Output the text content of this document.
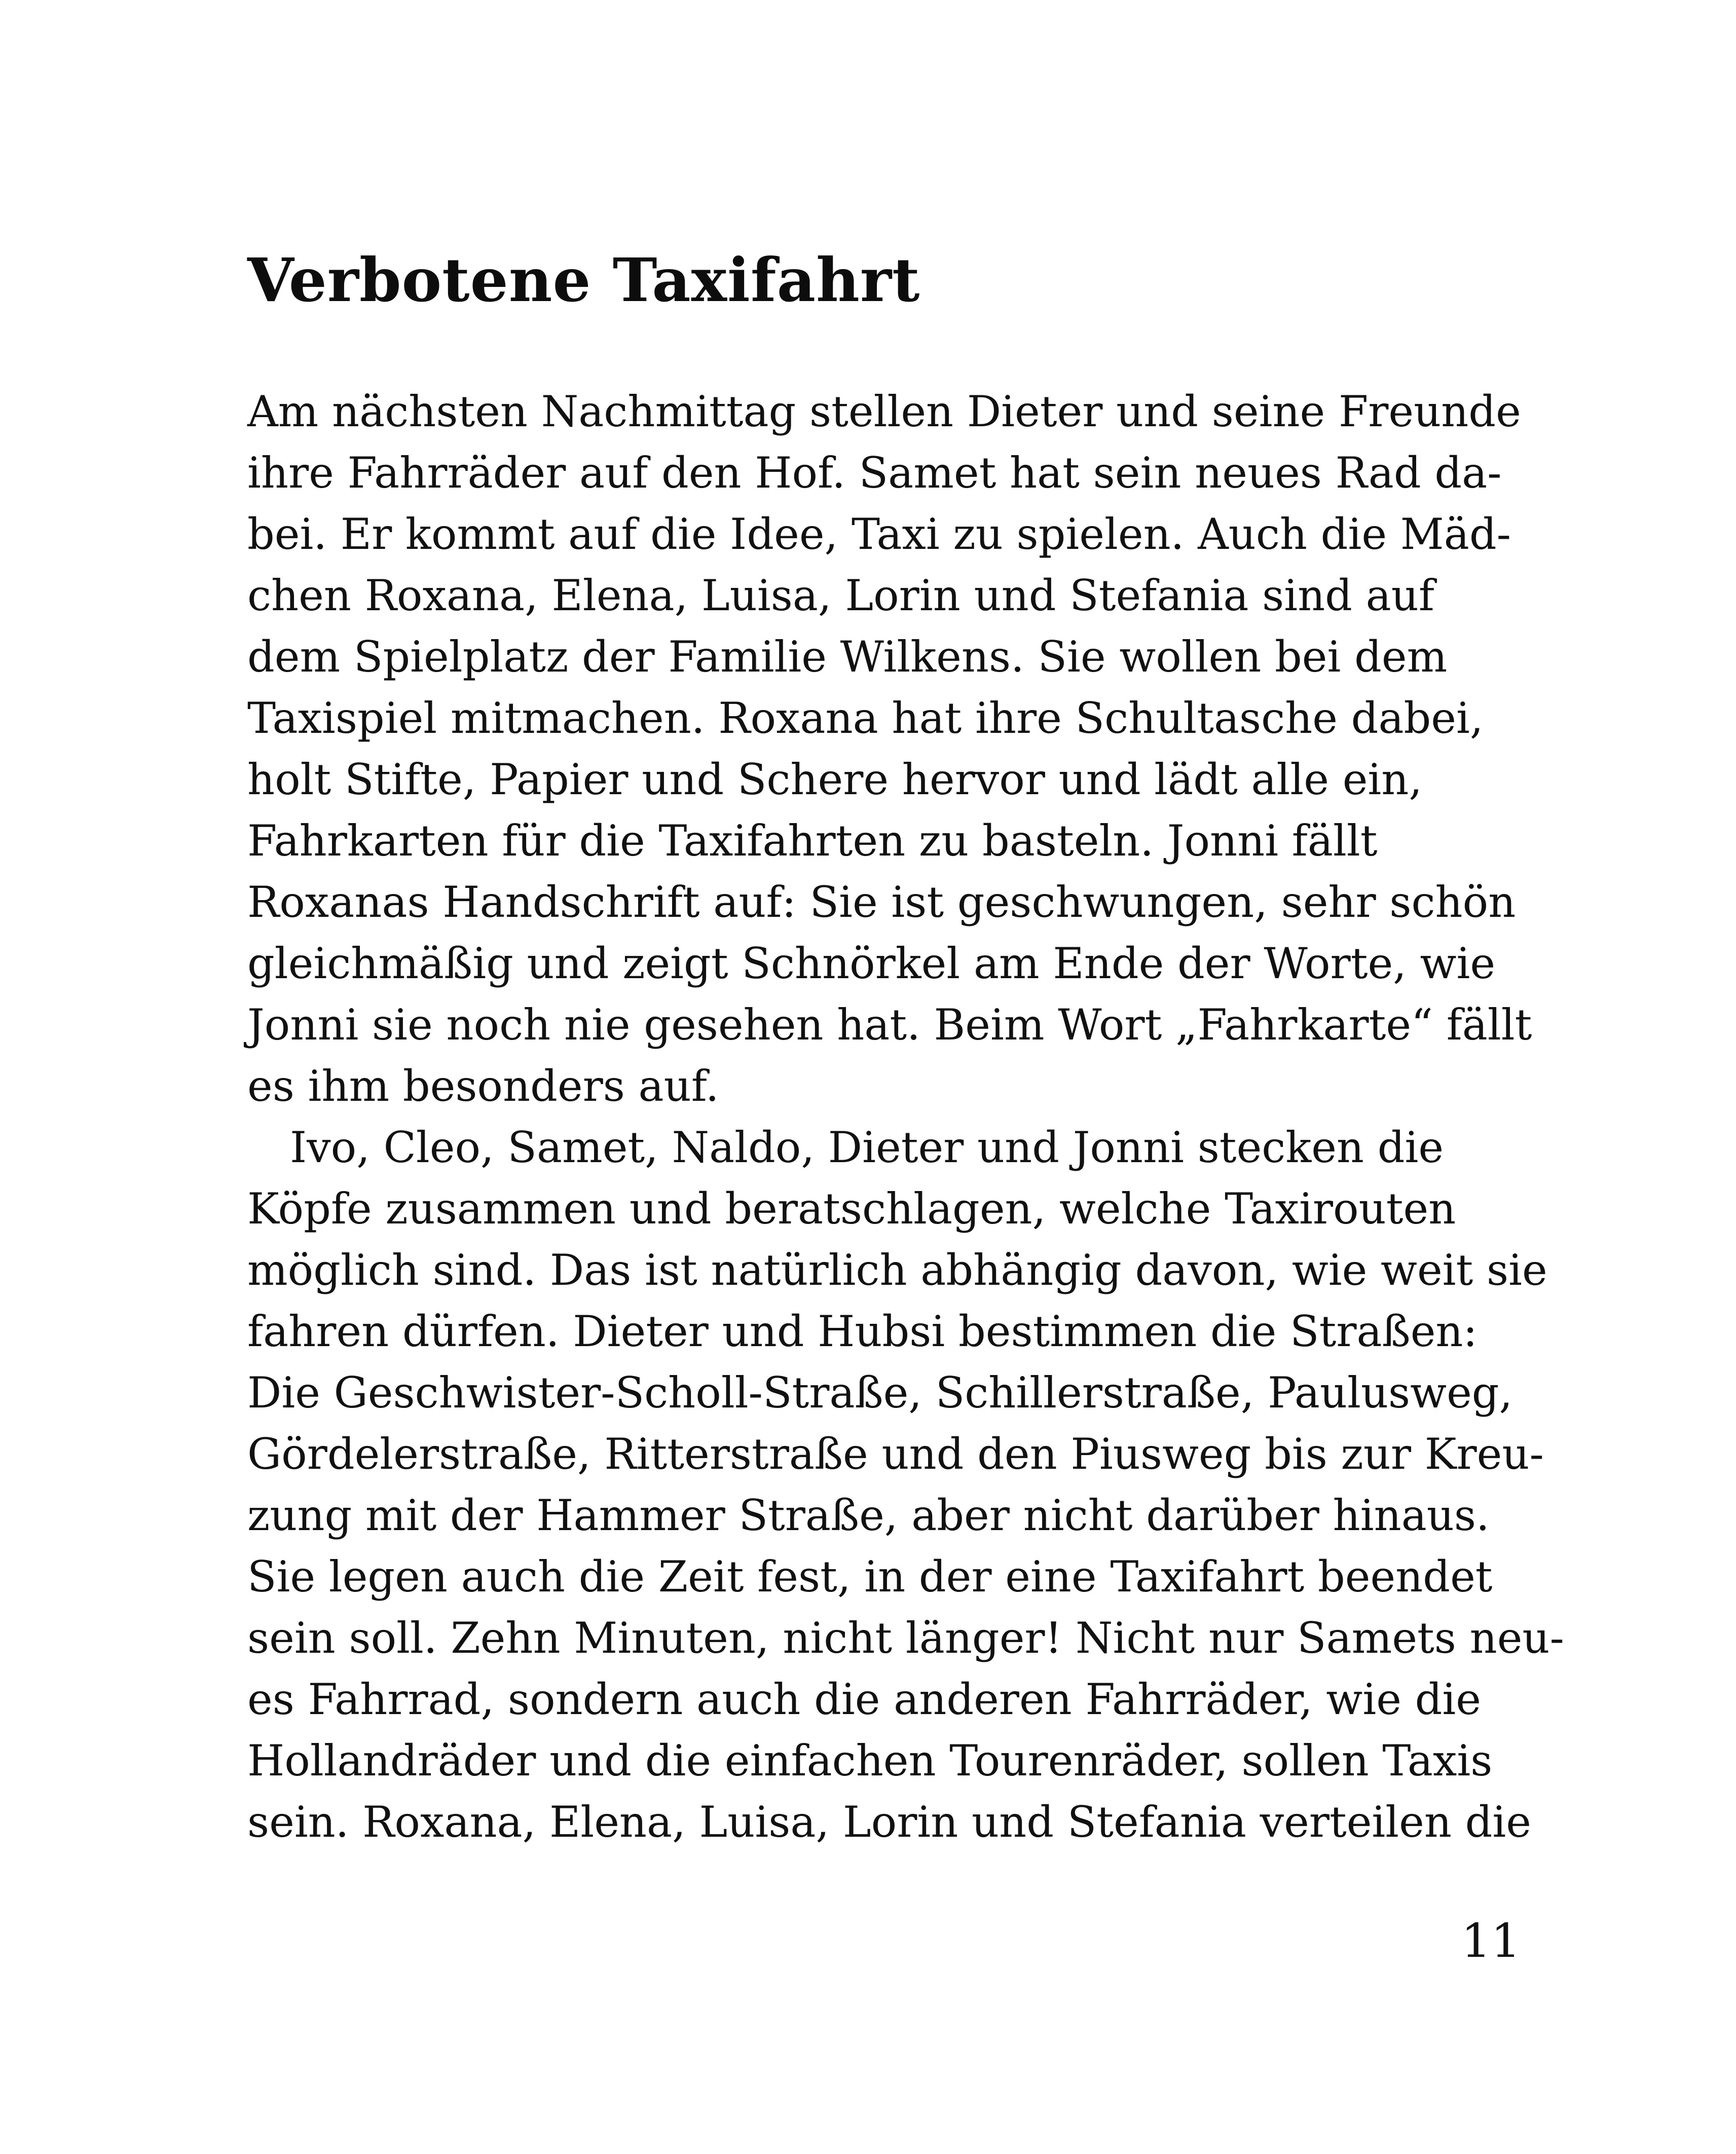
Verbotene Taxifahrt
Am nächsten Nachmittag stellen Dieter und seine Freunde
ihre Fahrräder auf den Hof. Samet hat sein neues Rad da-
bei. Er kommt auf die Idee, Taxi zu spielen. Auch die Mäd-
chen Roxana, Elena, Luisa, Lorin und Stefania sind auf
dem Spielplatz der Familie Wilkens. Sie wollen bei dem
Taxispiel mitmachen. Roxana hat ihre Schultasche dabei,
holt Stifte, Papier und Schere hervor und lädt alle ein,
Fahrkarten für die Taxifahrten zu basteln. Jonni fällt
Roxanas Handschrift auf: Sie ist geschwungen, sehr schön
gleichmäßig und zeigt Schnörkel am Ende der Worte, wie
Jonni sie noch nie gesehen hat. Beim Wort „Fahrkarte“ fällt
es ihm besonders auf.
Ivo, Cleo, Samet, Naldo, Dieter und Jonni stecken die
Köpfe zusammen und beratschlagen, welche Taxirouten
möglich sind. Das ist natürlich abhängig davon, wie weit sie
fahren dürfen. Dieter und Hubsi bestimmen die Straßen:
Die Geschwister-Scholl-Straße, Schillerstraße, Paulusweg,
Gördelerstraße, Ritterstraße und den Piusweg bis zur Kreu-
zung mit der Hammer Straße, aber nicht darüber hinaus.
Sie legen auch die Zeit fest, in der eine Taxifahrt beendet
sein soll. Zehn Minuten, nicht länger! Nicht nur Samets neu-
es Fahrrad, sondern auch die anderen Fahrräder, wie die
Hollandräder und die einfachen Tourenräder, sollen Taxis
sein. Roxana, Elena, Luisa, Lorin und Stefania verteilen die
11
